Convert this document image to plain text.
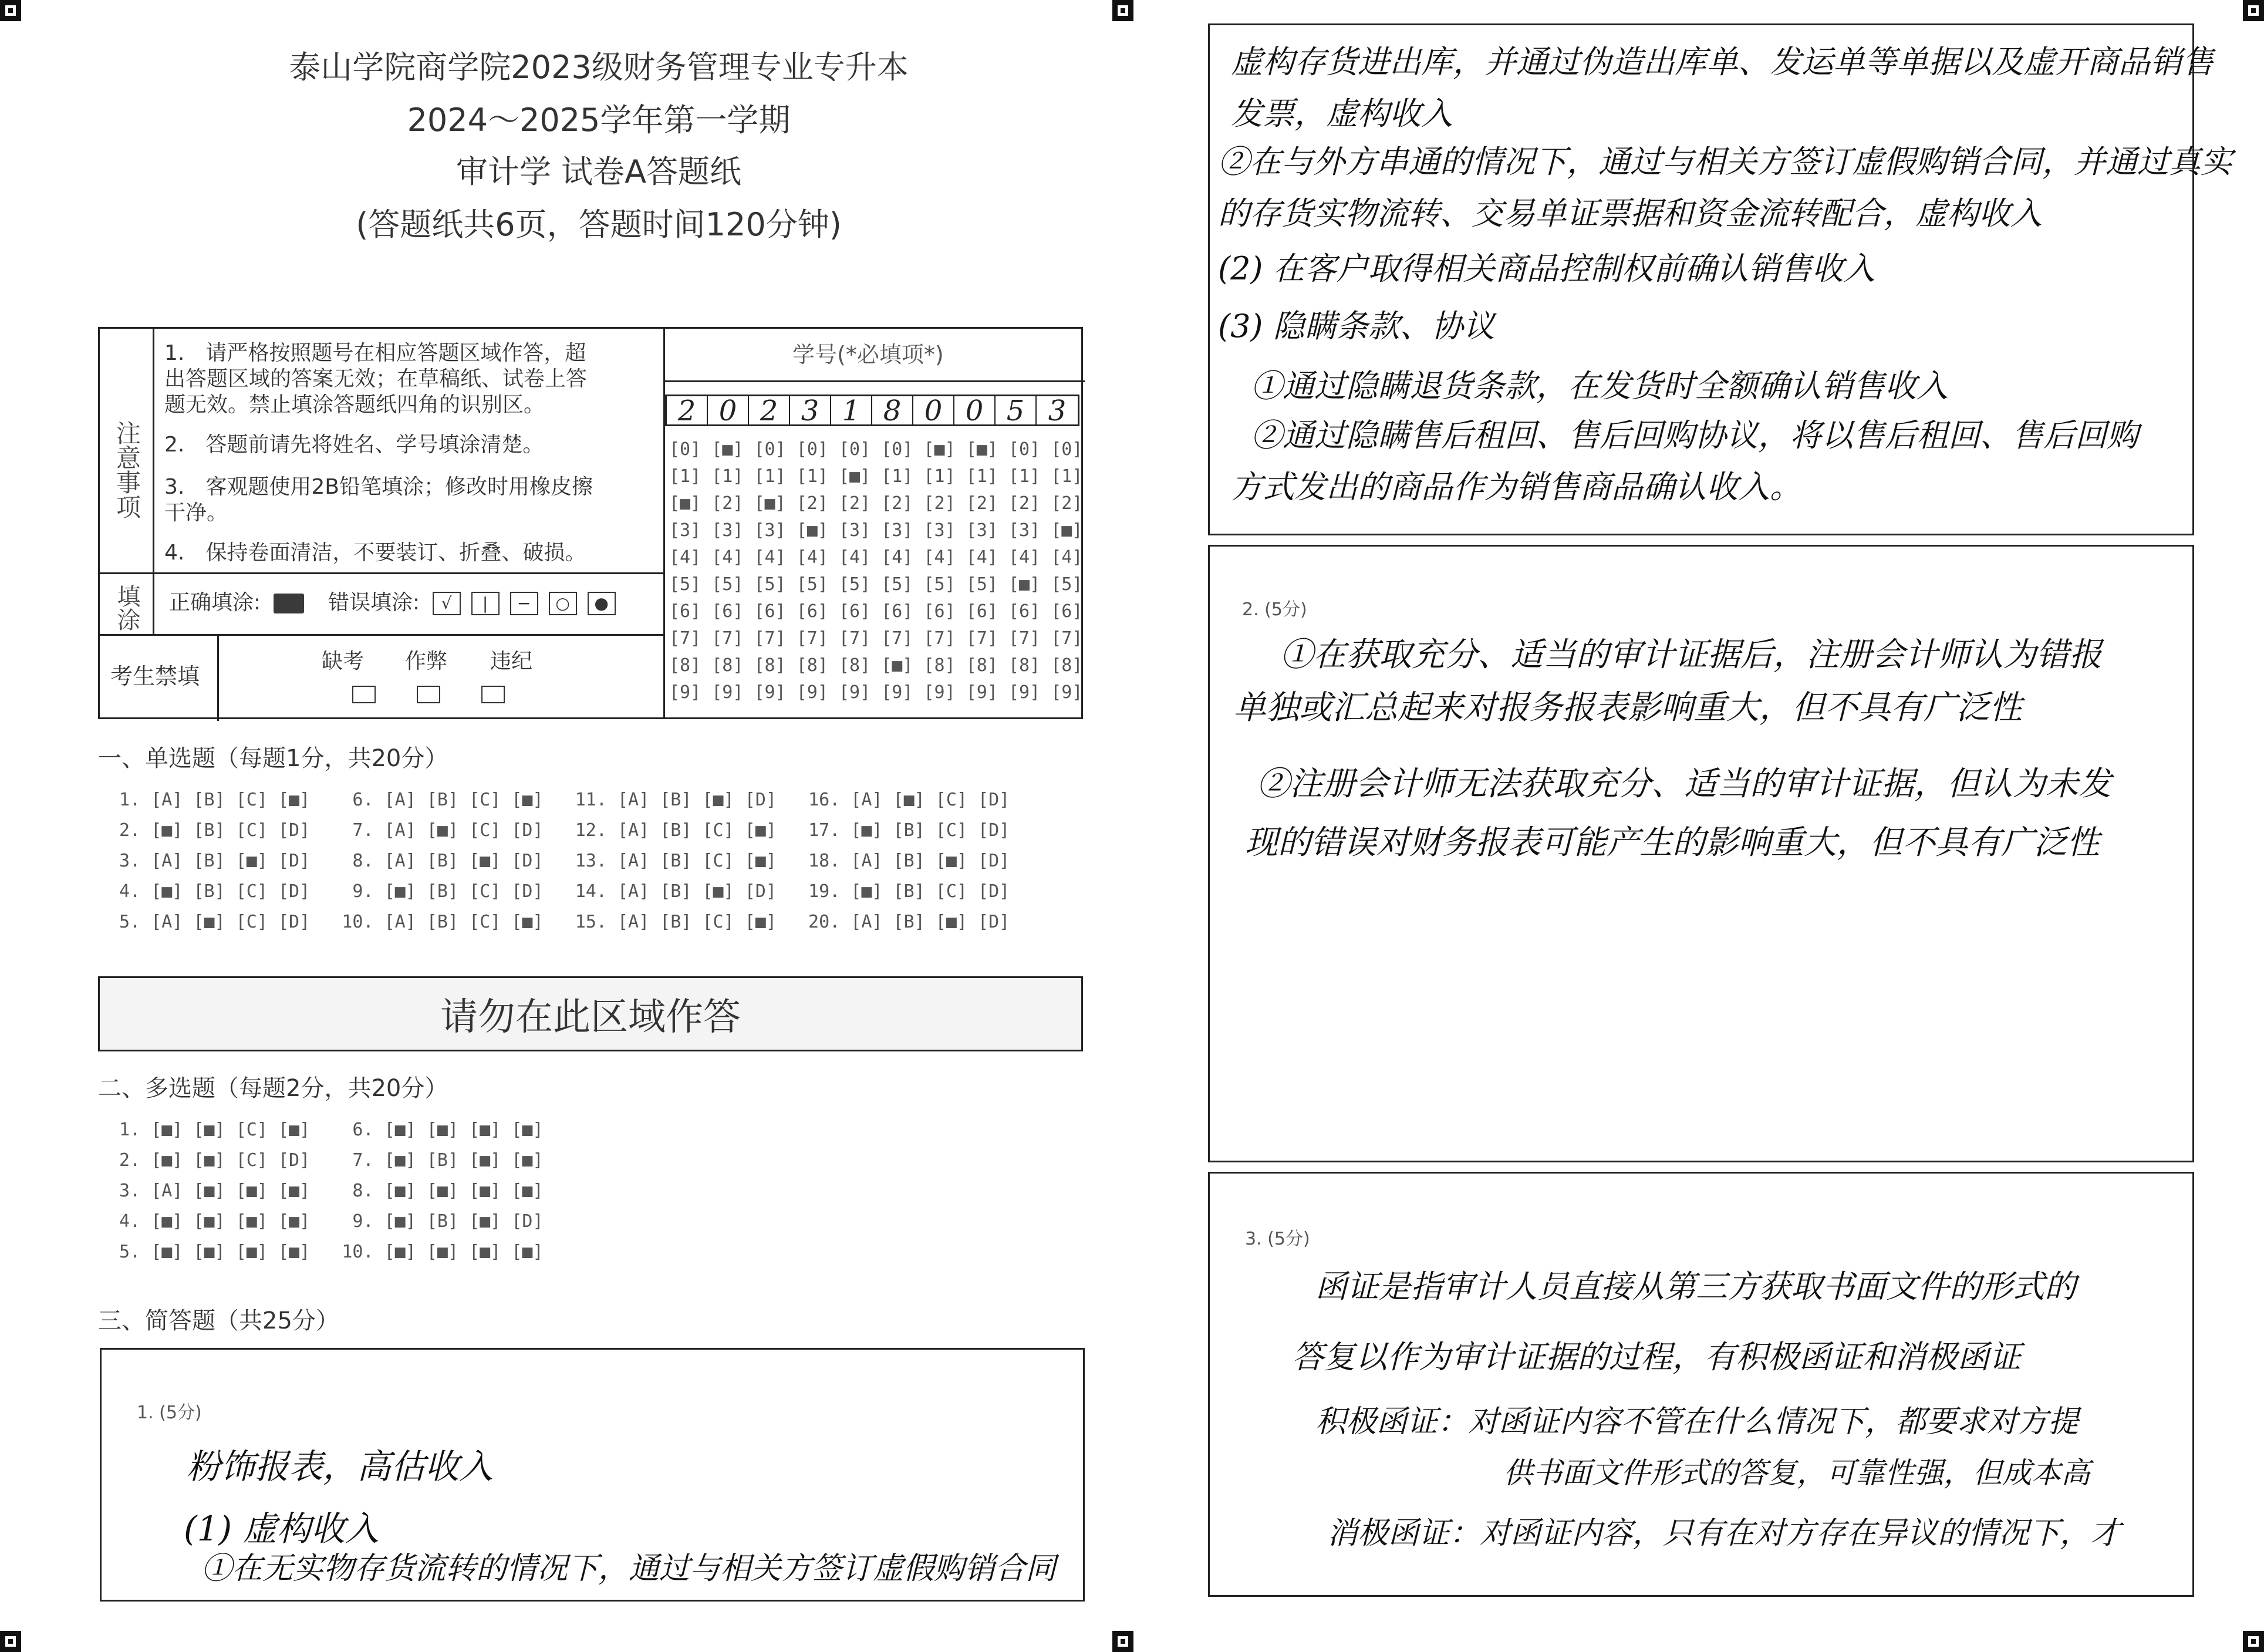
泰山学院商学院2023级财务管理专业专升本
2024～2025学年第一学期
审计学 试卷A答题纸
(答题纸共6页，答题时间120分钟)
注意事项
1.　请严格按照题号在相应答题区域作答，超
出答题区域的答案无效；在草稿纸、试卷上答
题无效。禁止填涂答题纸四角的识别区。
2.　答题前请先将姓名、学号填涂清楚。
3.　客观题使用2B铅笔填涂；修改时用橡皮擦
干净。
4.　保持卷面清洁，不要装订、折叠、破损。
填涂 正确填涂:	错误填涂: √ | − ○ ●
考生禁填
缺考 作弊 违纪
学号(*必填项*)
2 0 2 3 1 8 0 0 5 3
[0] [■] [0] [0] [0] [0] [■] [■] [0] [0]
[1] [1] [1] [1] [■] [1] [1] [1] [1] [1]
[■] [2] [■] [2] [2] [2] [2] [2] [2] [2]
[3] [3] [3] [■] [3] [3] [3] [3] [3] [■]
[4] [4] [4] [4] [4] [4] [4] [4] [4] [4]
[5] [5] [5] [5] [5] [5] [5] [5] [■] [5]
[6] [6] [6] [6] [6] [6] [6] [6] [6] [6]
[7] [7] [7] [7] [7] [7] [7] [7] [7] [7]
[8] [8] [8] [8] [8] [■] [8] [8] [8] [8]
[9] [9] [9] [9] [9] [9] [9] [9] [9] [9]
一、单选题（每题1分，共20分）
1. [A] [B] [C] [■]    6. [A] [B] [C] [■]   11. [A] [B] [■] [D]   16. [A] [■] [C] [D]
2. [■] [B] [C] [D]    7. [A] [■] [C] [D]   12. [A] [B] [C] [■]   17. [■] [B] [C] [D]
3. [A] [B] [■] [D]    8. [A] [B] [■] [D]   13. [A] [B] [C] [■]   18. [A] [B] [■] [D]
4. [■] [B] [C] [D]    9. [■] [B] [C] [D]   14. [A] [B] [■] [D]   19. [■] [B] [C] [D]
5. [A] [■] [C] [D]   10. [A] [B] [C] [■]   15. [A] [B] [C] [■]   20. [A] [B] [■] [D]
请勿在此区域作答
二、多选题（每题2分，共20分）
1. [■] [■] [C] [■]    6. [■] [■] [■] [■]
2. [■] [■] [C] [D]    7. [■] [B] [■] [■]
3. [A] [■] [■] [■]    8. [■] [■] [■] [■]
4. [■] [■] [■] [■]    9. [■] [B] [■] [D]
5. [■] [■] [■] [■]   10. [■] [■] [■] [■]
三、简答题（共25分）
1. (5分)
粉饰报表，高估收入
(1) 虚构收入
①在无实物存货流转的情况下，通过与相关方签订虚假购销合同
虚构存货进出库，并通过伪造出库单、发运单等单据以及虚开商品销售
发票，虚构收入
②在与外方串通的情况下，通过与相关方签订虚假购销合同，并通过真实
的存货实物流转、交易单证票据和资金流转配合，虚构收入
(2) 在客户取得相关商品控制权前确认销售收入
(3) 隐瞒条款、协议
①通过隐瞒退货条款，在发货时全额确认销售收入
②通过隐瞒售后租回、售后回购协议，将以售后租回、售后回购
方式发出的商品作为销售商品确认收入。
2. (5分)
①在获取充分、适当的审计证据后，注册会计师认为错报
单独或汇总起来对报务报表影响重大，但不具有广泛性
②注册会计师无法获取充分、适当的审计证据，但认为未发
现的错误对财务报表可能产生的影响重大，但不具有广泛性
3. (5分)
函证是指审计人员直接从第三方获取书面文件的形式的
答复以作为审计证据的过程，有积极函证和消极函证
积极函证：对函证内容不管在什么情况下，都要求对方提
供书面文件形式的答复，可靠性强，但成本高
消极函证：对函证内容，只有在对方存在异议的情况下，才
